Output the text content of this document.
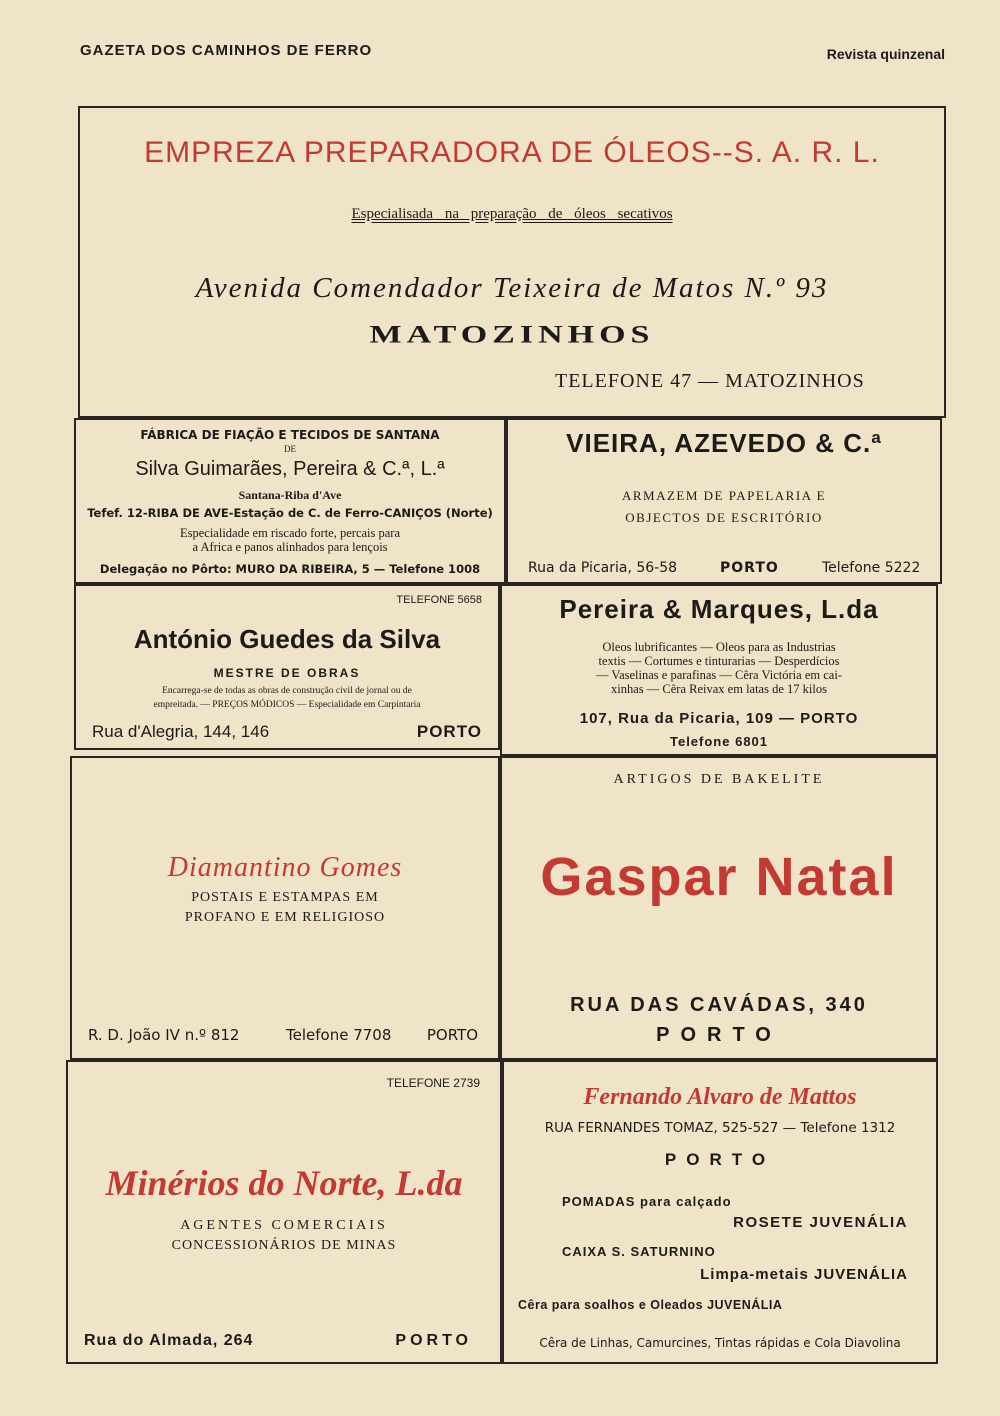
GAZETA DOS CAMINHOS DE FERRO	Revista quinzenal
EMPREZA PREPARADORA DE ÓLEOS--S. A. R. L.
Especialisada na preparação de óleos secativos
Avenida Comendador Teixeira de Matos N.º 93
MATOZINHOS
TELEFONE 47 — MATOZINHOS
FÁBRICA DE FIAÇÃO E TECIDOS DE SANTANA
DE
Silva Guimarães, Pereira & C.ª, L.ª
Santana-Riba d'Ave
Tefef. 12-RIBA DE AVE-Estação de C. de Ferro-CANIÇOS (Norte)
Especialidade em riscado forte, percais para
a Africa e panos alinhados para lençois
Delegação no Pôrto: MURO DA RIBEIRA, 5 — Telefone 1008
VIEIRA, AZEVEDO & C.ª
ARMAZEM DE PAPELARIA E
OBJECTOS DE ESCRITÓRIO
Rua da Picaria, 56-58	PORTO	Telefone 5222
TELEFONE 5658
António Guedes da Silva
MESTRE DE OBRAS
Encarrega-se de todas as obras de construção civil de jornal ou de
empreitada. — PREÇOS MÓDICOS — Especialidade em Carpintaria
Rua d'Alegria, 144, 146	PORTO
Pereira & Marques, L.da
Oleos lubrificantes — Oleos para as Industrias
textis — Cortumes e tinturarias — Desperdícios
— Vaselinas e parafinas — Cêra Victória em cai-
xinhas — Cêra Reivax em latas de 17 kilos
107, Rua da Picaria, 109 — PORTO
Telefone 6801
Diamantino Gomes
POSTAIS E ESTAMPAS EM
PROFANO E EM RELIGIOSO
R. D. João IV n.º 812	Telefone 7708 PORTO
ARTIGOS DE BAKELITE
Gaspar Natal
RUA DAS CAVÁDAS, 340
PORTO
TELEFONE 2739
Minérios do Norte, L.da
AGENTES COMERCIAIS
CONCESSIONÁRIOS DE MINAS
Rua do Almada, 264	PORTO
Fernando Alvaro de Mattos
RUA FERNANDES TOMAZ, 525-527 — Telefone 1312
PORTO
POMADAS para calçado
ROSETE JUVENÁLIA
CAIXA S. SATURNINO
Limpa-metais JUVENÁLIA
Cêra para soalhos e Oleados JUVENÁLIA
Cêra de Linhas, Camurcines, Tintas rápidas e Cola Diavolina
